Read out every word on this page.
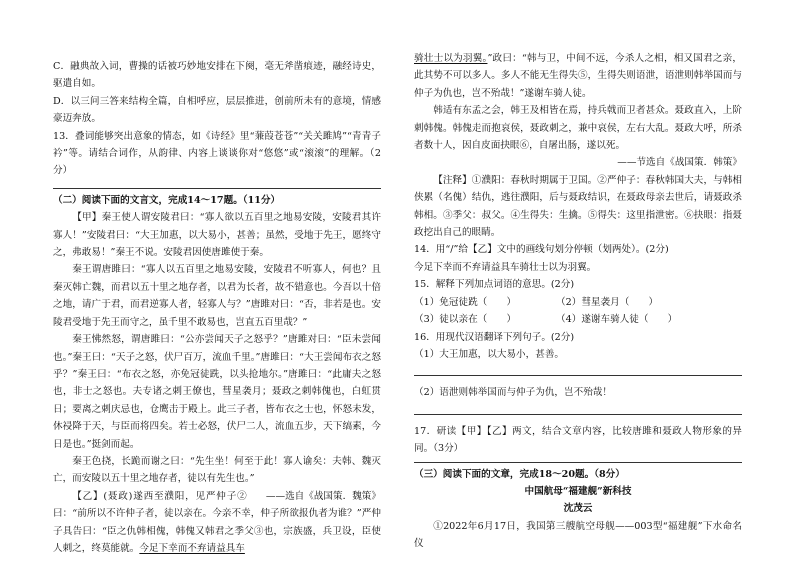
C．融典故入词，曹操的话被巧妙地安排在下阕，毫无斧凿痕迹，融经诗史，驱遣自如。

D．以三问三答来结构全篇，自相呼应，层层推进，创前所未有的意境，情感豪迈奔放。

13．叠词能够突出意象的情态，如《诗经》里“蒹葭苍苍”“关关雎鸠”“青青子衿”等。请结合词作，从韵律、内容上谈谈你对“悠悠”或“滚滚”的理解。（2分）

（二）阅读下面的文言文，完成14～17题。（11分）

【甲】秦王使人谓安陵君曰：“寡人欲以五百里之地易安陵，安陵君其许寡人！”安陵君曰：“大王加惠，以大易小，甚善；虽然，受地于先王，愿终守之，弗敢易！”秦王不说。安陵君因使唐雎使于秦。

秦王谓唐雎曰：“寡人以五百里之地易安陵，安陵君不听寡人，何也？且秦灭韩亡魏，而君以五十里之地存者，以君为长者，故不错意也。今吾以十倍之地，请广于君，而君逆寡人者，轻寡人与？”唐雎对曰：“否，非若是也。安陵君受地于先王而守之，虽千里不敢易也，岂直五百里哉？”

秦王怫然怒，谓唐雎曰：“公亦尝闻天子之怒乎？”唐雎对曰：“臣未尝闻也。”秦王曰：“天子之怒，伏尸百万，流血千里。”唐雎曰：“大王尝闻布衣之怒乎？”秦王曰：“布衣之怒，亦免冠徒跣，以头抢地尔。”唐雎曰：“此庸夫之怒也，非士之怒也。夫专诸之刺王僚也，彗星袭月；聂政之刺韩傀也，白虹贯日；要离之刺庆忌也，仓鹰击于殿上。此三子者，皆布衣之士也，怀怒未发，休祲降于天，与臣而将四矣。若士必怒，伏尸二人，流血五步，天下缟素，今日是也。”挺剑而起。

秦王色挠，长跪而谢之曰：“先生坐！何至于此！寡人谕矣：夫韩、魏灭亡，而安陵以五十里之地存者，徒以有先生也。”
——选自《战国策．魏策》

【乙】(聂政)遂西至濮阳，见严仲子②曰：“前所以不许仲子者，徒以亲在。今亲不幸，仲子所欲报仇者为谁？”严仲子具告曰：“臣之仇韩相傀，韩傀又韩君之季父③也，宗族盛，兵卫设，臣使人刺之，终莫能就。今足下幸而不弃请益具车

骑壮士以为羽翼。”政曰：“韩与卫，中间不远，今杀人之相，相又国君之亲，此其势不可以多人。多人不能无生得失⑤，生得失则语泄，语泄则韩举国而与仲子为仇也，岂不殆哉！”遂谢车骑人徒。

韩适有东孟之会，韩王及相皆在焉，持兵戟而卫者甚众。聂政直入，上阶刺韩傀。韩傀走而抱哀侯，聂政刺之，兼中哀侯，左右大乱。聂政大呼，所杀者数十人，因自皮面抉眼⑥，自屠出肠，遂以死。

——节选自《战国策．韩策》

【注释】①濮阳：春秋时期属于卫国。②严仲子：春秋韩国大夫，与韩相侠累（名傀）结仇，逃往濮阳，后与聂政结识，在聂政母亲去世后，请聂政杀韩相。③季父：叔父。④生得失：生擒。⑤得失：这里指泄密。⑥抉眼：指聂政挖出自己的眼睛。

14．用“/”给【乙】文中的画线句划分停顿（划两处）。(2分)

今足下幸而不弃请益具车骑壮士以为羽翼。

15．解释下列加点词语的意思。(2分)

（1）免冠徒跣（　　）	（2）彗星袭月（　　）
（3）徒以亲在（　　）	（4）遂谢车骑人徒（　　）

16．用现代汉语翻译下列句子。(2分)

（1）大王加惠，以大易小，甚善。

（2）语泄则韩举国而与仲子为仇，岂不殆哉！

17．研读【甲】【乙】两文，结合文章内容，比较唐雎和聂政人物形象的异同。（3分）

（三）阅读下面的文章，完成18～20题。（8分）

中国航母“福建舰”新科技

沈茂云

①2022年6月17日，我国第三艘航空母舰——003型“福建舰”下水命名仪
